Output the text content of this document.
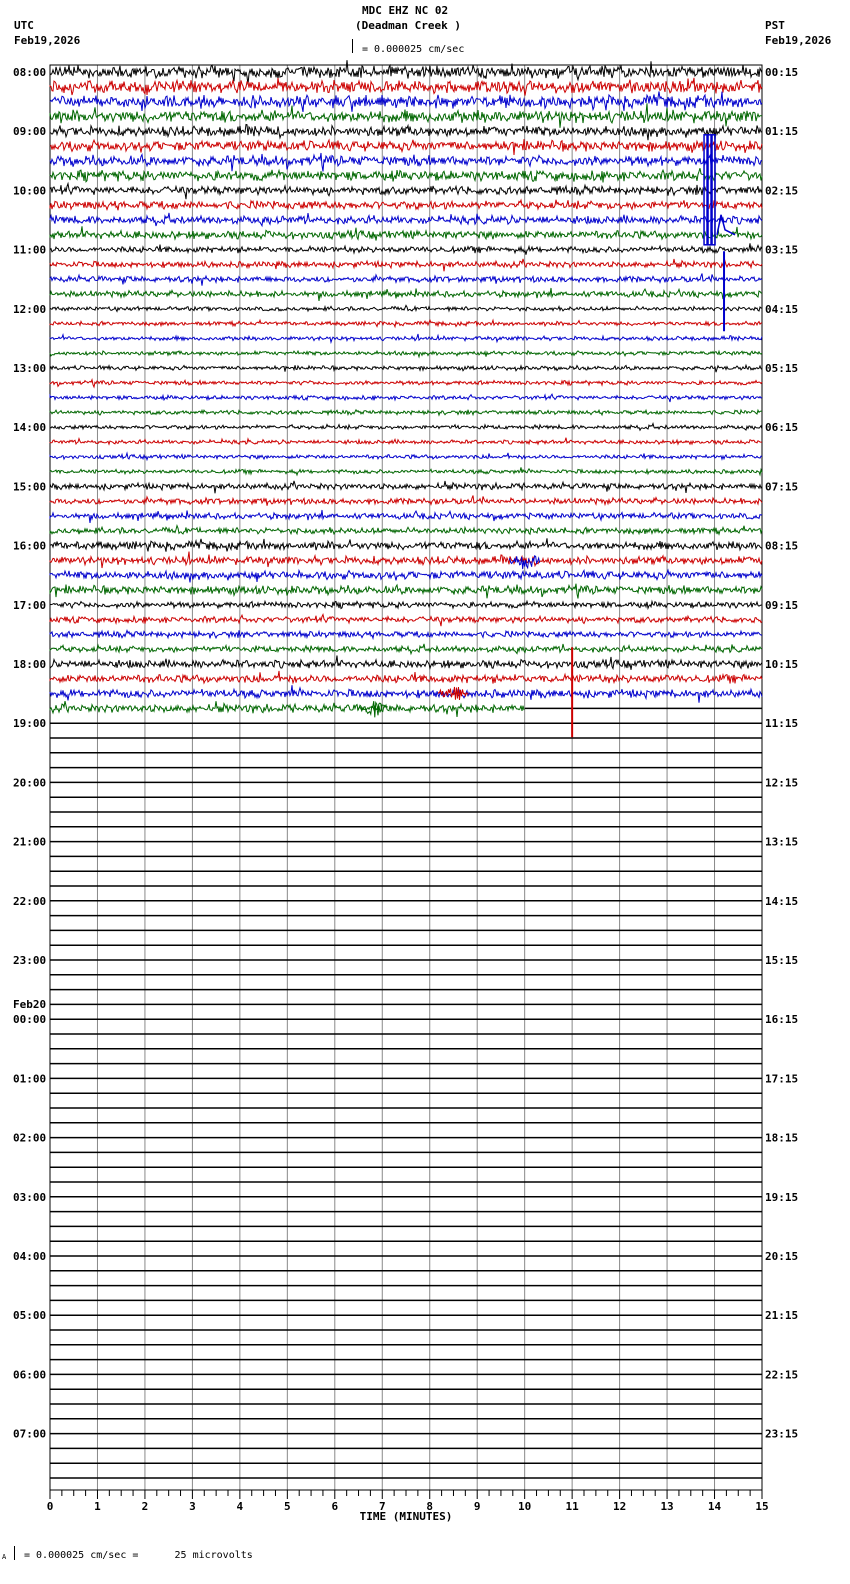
MDC EHZ NC 02
(Deadman Creek )
UTC
Feb19,2026
PST
Feb19,2026
= 0.000025 cm/sec
08:00
09:00
10:00
11:00
12:00
13:00
14:00
15:00
16:00
17:00
18:00
19:00
20:00
21:00
22:00
23:00
00:00
Feb20
01:00
02:00
03:00
04:00
05:00
06:00
07:00
00:15
01:15
02:15
03:15
04:15
05:15
06:15
07:15
08:15
09:15
10:15
11:15
12:15
13:15
14:15
15:15
16:15
17:15
18:15
19:15
20:15
21:15
22:15
23:15
0	1	2	3	4	5	6	7	8	9	10	11	12	13	14	15
TIME (MINUTES)
A = 0.000025 cm/sec =      25 microvolts
